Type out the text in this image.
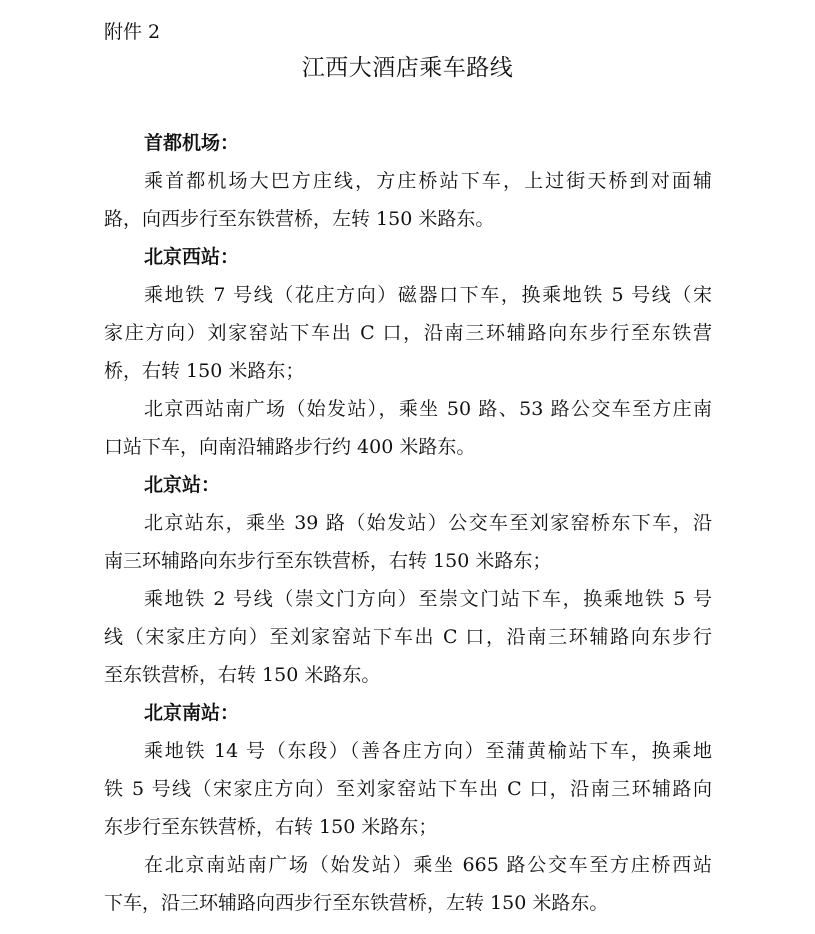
附件 2
江西大酒店乘车路线
首都机场：
乘首都机场大巴方庄线，方庄桥站下车，上过街天桥到对面辅
路，向西步行至东铁营桥，左转 150 米路东。
北京西站：
乘地铁 7 号线（花庄方向）磁器口下车，换乘地铁 5 号线（宋
家庄方向）刘家窑站下车出 C 口，沿南三环辅路向东步行至东铁营
桥，右转 150 米路东；
北京西站南广场（始发站），乘坐 50 路、53 路公交车至方庄南
口站下车，向南沿辅路步行约 400 米路东。
北京站：
北京站东，乘坐 39 路（始发站）公交车至刘家窑桥东下车，沿
南三环辅路向东步行至东铁营桥，右转 150 米路东；
乘地铁 2 号线（崇文门方向）至崇文门站下车，换乘地铁 5 号
线（宋家庄方向）至刘家窑站下车出 C 口，沿南三环辅路向东步行
至东铁营桥，右转 150 米路东。
北京南站：
乘地铁 14 号（东段）（善各庄方向）至蒲黄榆站下车，换乘地
铁 5 号线（宋家庄方向）至刘家窑站下车出 C 口，沿南三环辅路向
东步行至东铁营桥，右转 150 米路东；
在北京南站南广场（始发站）乘坐 665 路公交车至方庄桥西站
下车，沿三环辅路向西步行至东铁营桥，左转 150 米路东。
